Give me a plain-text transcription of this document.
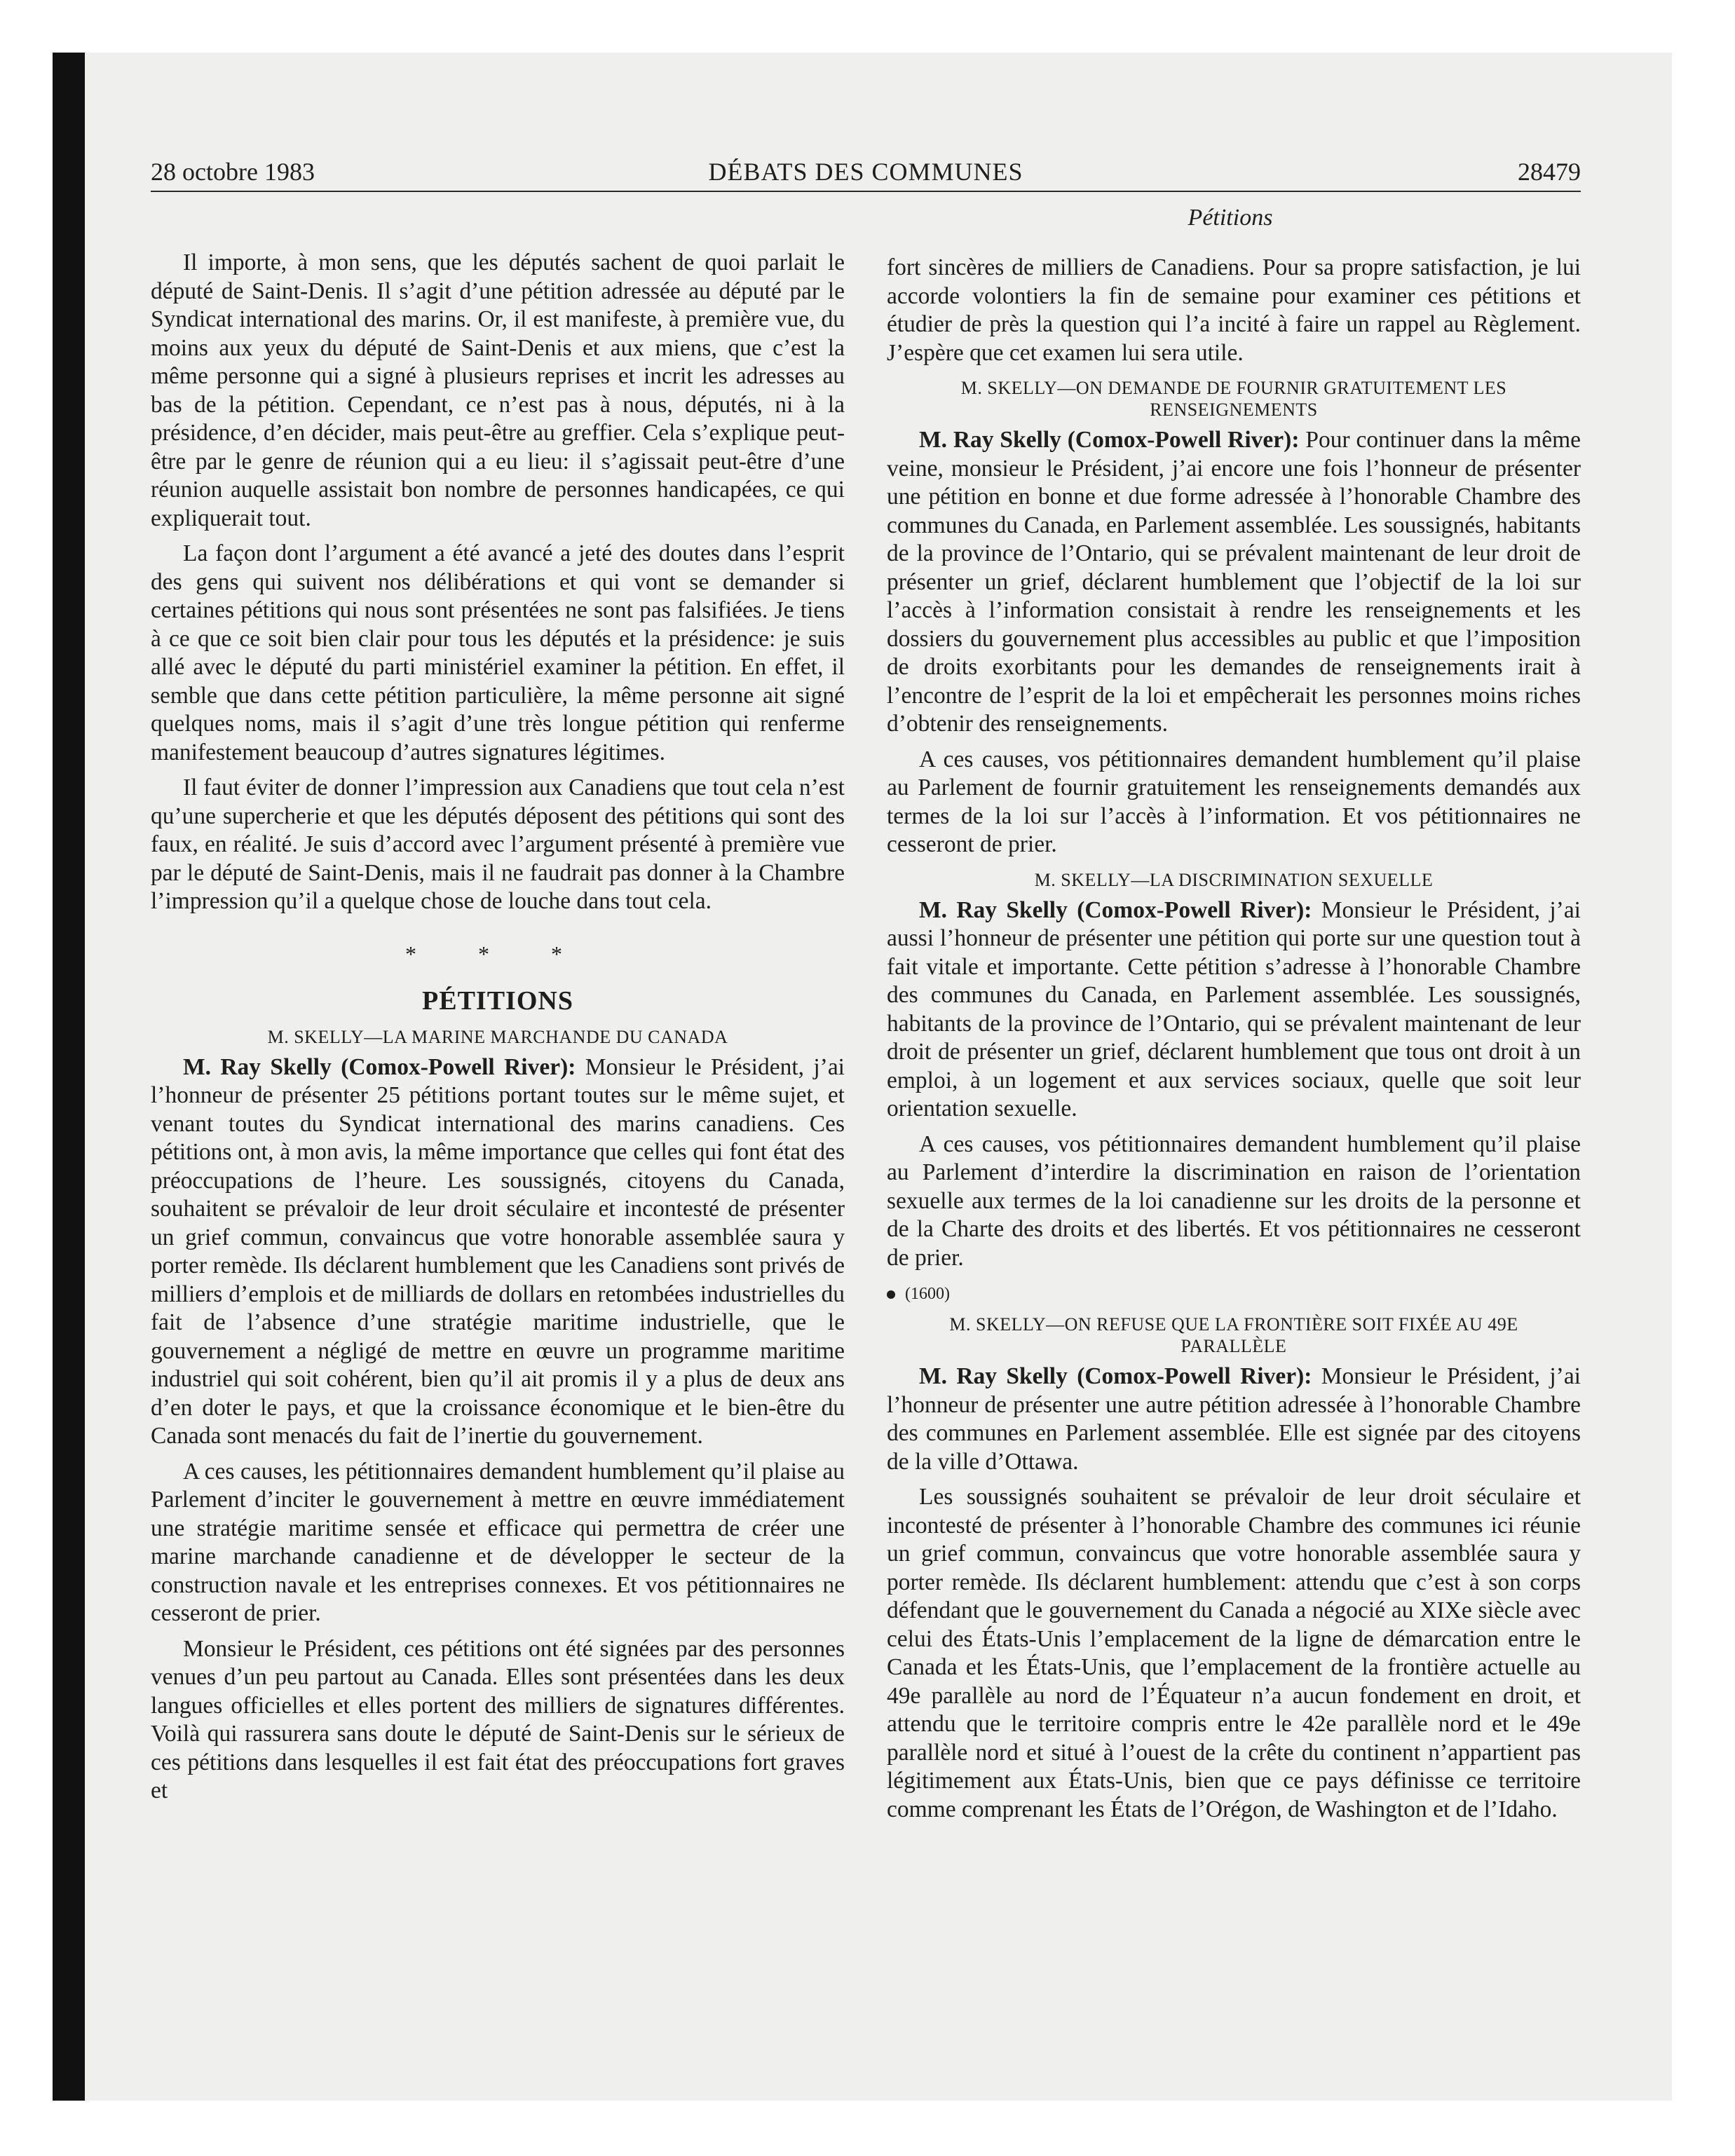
28 octobre 1983	DÉBATS DES COMMUNES	28479
Pétitions

Il importe, à mon sens, que les députés sachent de quoi parlait le député de Saint-Denis. Il s’agit d’une pétition adressée au député par le Syndicat international des marins. Or, il est manifeste, à première vue, du moins aux yeux du député de Saint-Denis et aux miens, que c’est la même personne qui a signé à plusieurs reprises et incrit les adresses au bas de la pétition. Cependant, ce n’est pas à nous, députés, ni à la présidence, d’en décider, mais peut-être au greffier. Cela s’explique peut-être par le genre de réunion qui a eu lieu: il s’agissait peut-être d’une réunion auquelle assistait bon nombre de personnes handicapées, ce qui expliquerait tout.

La façon dont l’argument a été avancé a jeté des doutes dans l’esprit des gens qui suivent nos délibérations et qui vont se demander si certaines pétitions qui nous sont présentées ne sont pas falsifiées. Je tiens à ce que ce soit bien clair pour tous les députés et la présidence: je suis allé avec le député du parti ministériel examiner la pétition. En effet, il semble que dans cette pétition particulière, la même personne ait signé quelques noms, mais il s’agit d’une très longue pétition qui renferme manifestement beaucoup d’autres signatures légitimes.

Il faut éviter de donner l’impression aux Canadiens que tout cela n’est qu’une supercherie et que les députés déposent des pétitions qui sont des faux, en réalité. Je suis d’accord avec l’argument présenté à première vue par le député de Saint-Denis, mais il ne faudrait pas donner à la Chambre l’impression qu’il a quelque chose de louche dans tout cela.

* * *
PÉTITIONS
M. SKELLY—LA MARINE MARCHANDE DU CANADA

M. Ray Skelly (Comox-Powell River): Monsieur le Président, j’ai l’honneur de présenter 25 pétitions portant toutes sur le même sujet, et venant toutes du Syndicat international des marins canadiens. Ces pétitions ont, à mon avis, la même importance que celles qui font état des préoccupations de l’heure. Les soussignés, citoyens du Canada, souhaitent se prévaloir de leur droit séculaire et incontesté de présenter un grief commun, convaincus que votre honorable assemblée saura y porter remède. Ils déclarent humblement que les Canadiens sont privés de milliers d’emplois et de milliards de dollars en retombées industrielles du fait de l’absence d’une stratégie maritime industrielle, que le gouvernement a négligé de mettre en œuvre un programme maritime industriel qui soit cohérent, bien qu’il ait promis il y a plus de deux ans d’en doter le pays, et que la croissance économique et le bien-être du Canada sont menacés du fait de l’inertie du gouvernement.

A ces causes, les pétitionnaires demandent humblement qu’il plaise au Parlement d’inciter le gouvernement à mettre en œuvre immédiatement une stratégie maritime sensée et efficace qui permettra de créer une marine marchande canadienne et de développer le secteur de la construction navale et les entreprises connexes. Et vos pétitionnaires ne cesseront de prier.

Monsieur le Président, ces pétitions ont été signées par des personnes venues d’un peu partout au Canada. Elles sont présentées dans les deux langues officielles et elles portent des milliers de signatures différentes. Voilà qui rassurera sans doute le député de Saint-Denis sur le sérieux de ces pétitions dans lesquelles il est fait état des préoccupations fort graves et

fort sincères de milliers de Canadiens. Pour sa propre satisfaction, je lui accorde volontiers la fin de semaine pour examiner ces pétitions et étudier de près la question qui l’a incité à faire un rappel au Règlement. J’espère que cet examen lui sera utile.

M. SKELLY—ON DEMANDE DE FOURNIR GRATUITEMENT LES RENSEIGNEMENTS

M. Ray Skelly (Comox-Powell River): Pour continuer dans la même veine, monsieur le Président, j’ai encore une fois l’honneur de présenter une pétition en bonne et due forme adressée à l’honorable Chambre des communes du Canada, en Parlement assemblée. Les soussignés, habitants de la province de l’Ontario, qui se prévalent maintenant de leur droit de présenter un grief, déclarent humblement que l’objectif de la loi sur l’accès à l’information consistait à rendre les renseignements et les dossiers du gouvernement plus accessibles au public et que l’imposition de droits exorbitants pour les demandes de renseignements irait à l’encontre de l’esprit de la loi et empêcherait les personnes moins riches d’obtenir des renseignements.

A ces causes, vos pétitionnaires demandent humblement qu’il plaise au Parlement de fournir gratuitement les renseignements demandés aux termes de la loi sur l’accès à l’information. Et vos pétitionnaires ne cesseront de prier.

M. SKELLY—LA DISCRIMINATION SEXUELLE

M. Ray Skelly (Comox-Powell River): Monsieur le Président, j’ai aussi l’honneur de présenter une pétition qui porte sur une question tout à fait vitale et importante. Cette pétition s’adresse à l’honorable Chambre des communes du Canada, en Parlement assemblée. Les soussignés, habitants de la province de l’Ontario, qui se prévalent maintenant de leur droit de présenter un grief, déclarent humblement que tous ont droit à un emploi, à un logement et aux services sociaux, quelle que soit leur orientation sexuelle.

A ces causes, vos pétitionnaires demandent humblement qu’il plaise au Parlement d’interdire la discrimination en raison de l’orientation sexuelle aux termes de la loi canadienne sur les droits de la personne et de la Charte des droits et des libertés. Et vos pétitionnaires ne cesseront de prier.

(1600)
M. SKELLY—ON REFUSE QUE LA FRONTIÈRE SOIT FIXÉE AU 49E PARALLÈLE

M. Ray Skelly (Comox-Powell River): Monsieur le Président, j’ai l’honneur de présenter une autre pétition adressée à l’honorable Chambre des communes en Parlement assemblée. Elle est signée par des citoyens de la ville d’Ottawa.

Les soussignés souhaitent se prévaloir de leur droit séculaire et incontesté de présenter à l’honorable Chambre des communes ici réunie un grief commun, convaincus que votre honorable assemblée saura y porter remède. Ils déclarent humblement: attendu que c’est à son corps défendant que le gouvernement du Canada a négocié au XIXe siècle avec celui des États-Unis l’emplacement de la ligne de démarcation entre le Canada et les États-Unis, que l’emplacement de la frontière actuelle au 49e parallèle au nord de l’Équateur n’a aucun fondement en droit, et attendu que le territoire compris entre le 42e parallèle nord et le 49e parallèle nord et situé à l’ouest de la crête du continent n’appartient pas légitimement aux États-Unis, bien que ce pays définisse ce territoire comme comprenant les États de l’Orégon, de Washington et de l’Idaho.
